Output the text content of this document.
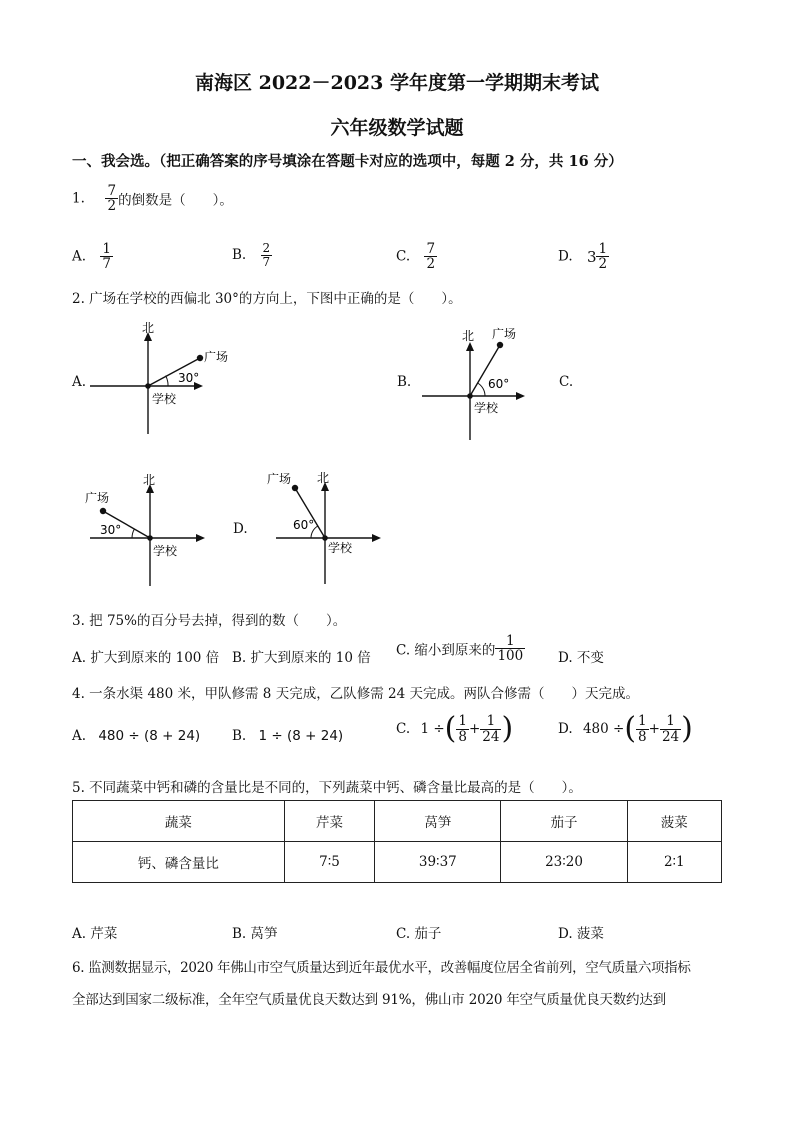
南海区 2022－2023 学年度第一学期期末考试
六年级数学试题
一、我会选。（把正确答案的序号填涂在答题卡对应的选项中，每题 2 分，共 16 分）
1. $\frac{7}{2}$ 的倒数是（　　）。
A. $\frac{1}{7}$	B. $\frac{2}{7}$	C. $\frac{7}{2}$	D. $3 \frac{1}{2}$
2. 广场在学校的西偏北 30°的方向上，下图中正确的是（　　）。
A.	B.	C.
D.
北
广场
30°
学校
北 广场
60°
学校
北
广场
30°
学校
北
广场
60°
学校
3. 把 75%的百分号去掉，得到的数（　　）。
A. 扩大到原来的 100 倍 B. 扩大到原来的 10 倍 C. 缩小到原来的 $\frac{1}{100} D$. 不变
4. 一条水渠 480 米，甲队修需 8 天完成，乙队修需 24 天完成。两队合修需（　　）天完成。
A. 480 ÷ (8 + 24) B. 1 ÷ (8 + 24)	C. 1 ÷( $\frac{1}{8} + \frac{1}{24}$ )	D. 480 ÷( $\frac{1}{8} + \frac{1}{24}$ )
5. 不同蔬菜中钙和磷的含量比是不同的，下列蔬菜中钙、磷含量比最高的是（　　）。
蔬菜	芹菜	莴笋	茄子	菠菜
钙、磷含量比	7∶5	39∶37	23∶20	2∶1
A. 芹菜	B. 莴笋	C. 茄子	D. 菠菜
6. 监测数据显示，2020 年佛山市空气质量达到近年最优水平，改善幅度位居全省前列，空气质量六项指标
全部达到国家二级标准，全年空气质量优良天数达到 91%，佛山市 2020 年空气质量优良天数约达到
